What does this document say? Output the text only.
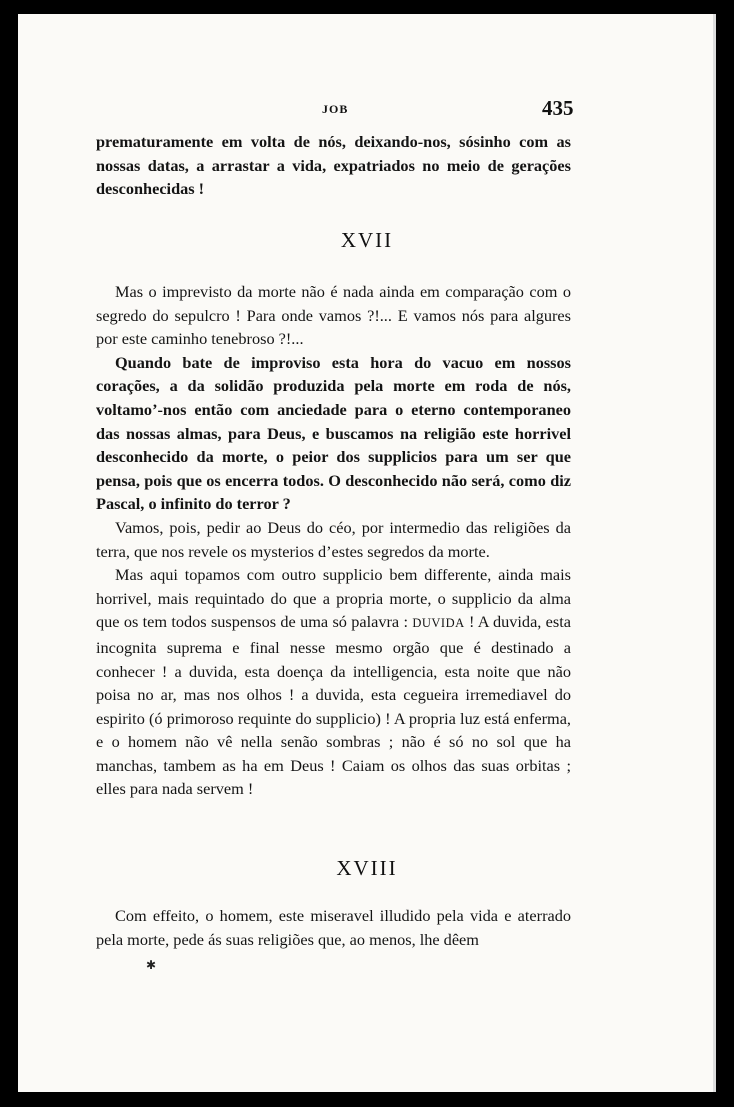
JOB	435

prematuramente em volta de nós, deixando-nos, sósinho com as nossas datas, a arrastar a vida, expatriados no meio de gerações desconhecidas !

XVII

Mas o imprevisto da morte não é nada ainda em comparação com o segredo do sepulcro ! Para onde vamos ?!... E vamos nós para algures por este caminho tenebroso ?!...

Quando bate de improviso esta hora do vacuo em nossos corações, a da solidão produzida pela morte em roda de nós, voltamo’-nos então com anciedade para o eterno contemporaneo das nossas almas, para Deus, e buscamos na religião este horrivel desconhecido da morte, o peior dos supplicios para um ser que pensa, pois que os encerra todos. O desconhecido não será, como diz Pascal, o infinito do terror ?

Vamos, pois, pedir ao Deus do céo, por intermedio das religiões da terra, que nos revele os mysterios d’estes segredos da morte.

Mas aqui topamos com outro supplicio bem differente, ainda mais horrivel, mais requintado do que a propria morte, o supplicio da alma que os tem todos suspensos de uma só palavra : DUVIDA ! A duvida, esta incognita suprema e final nesse mesmo orgão que é destinado a conhecer ! a duvida, esta doença da intelligencia, esta noite que não poisa no ar, mas nos olhos ! a duvida, esta cegueira irremediavel do espirito (ó primoroso requinte do supplicio) ! A propria luz está enferma, e o homem não vê nella senão sombras ; não é só no sol que ha manchas, tambem as ha em Deus ! Caiam os olhos das suas orbitas ; elles para nada servem !

XVIII

Com effeito, o homem, este miseravel illudido pela vida e aterrado pela morte, pede ás suas religiões que, ao menos, lhe dêem

✱
